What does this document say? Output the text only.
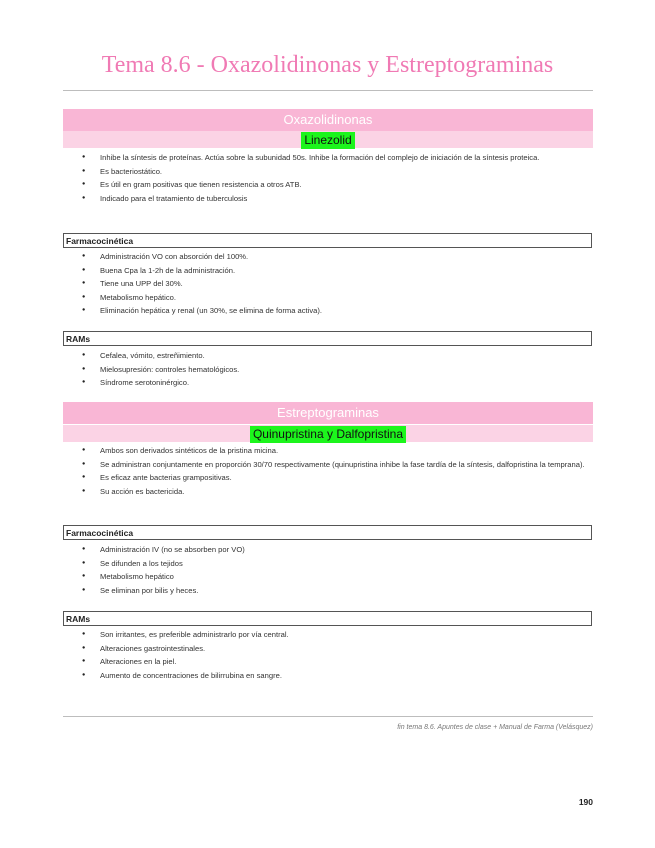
Tema 8.6 - Oxazolidinonas y Estreptograminas
Oxazolidinonas
Linezolid
● Inhibe la síntesis de proteínas. Actúa sobre la subunidad 50s. Inhibe la formación del complejo de iniciación de la síntesis proteica.
● Es bacteriostático.
● Es útil en gram positivas que tienen resistencia a otros ATB.
● Indicado para el tratamiento de tuberculosis
Farmacocinética
● Administración VO con absorción del 100%.
● Buena Cpa la 1-2h de la administración.
● Tiene una UPP del 30%.
● Metabolismo hepático.
● Eliminación hepática y renal (un 30%, se elimina de forma activa).
RAMs
● Cefalea, vómito, estreñimiento.
● Mielosupresión: controles hematológicos.
● Síndrome serotoninérgico.
Estreptograminas
Quinupristina y Dalfopristina
● Ambos son derivados sintéticos de la pristina micina.
● Se administran conjuntamente en proporción 30/70 respectivamente (quinupristina inhibe la fase tardía de la síntesis, dalfopristina la temprana).
● Es eficaz ante bacterias grampositivas.
● Su acción es bactericida.
Farmacocinética
● Administración IV (no se absorben por VO)
● Se difunden a los tejidos
● Metabolismo hepático
● Se eliminan por bilis y heces.
RAMs
● Son irritantes, es preferible administrarlo por vía central.
● Alteraciones gastrointestinales.
● Alteraciones en la piel.
● Aumento de concentraciones de bilirrubina en sangre.
fin tema 8.6. Apuntes de clase + Manual de Farma (Velásquez)
190
